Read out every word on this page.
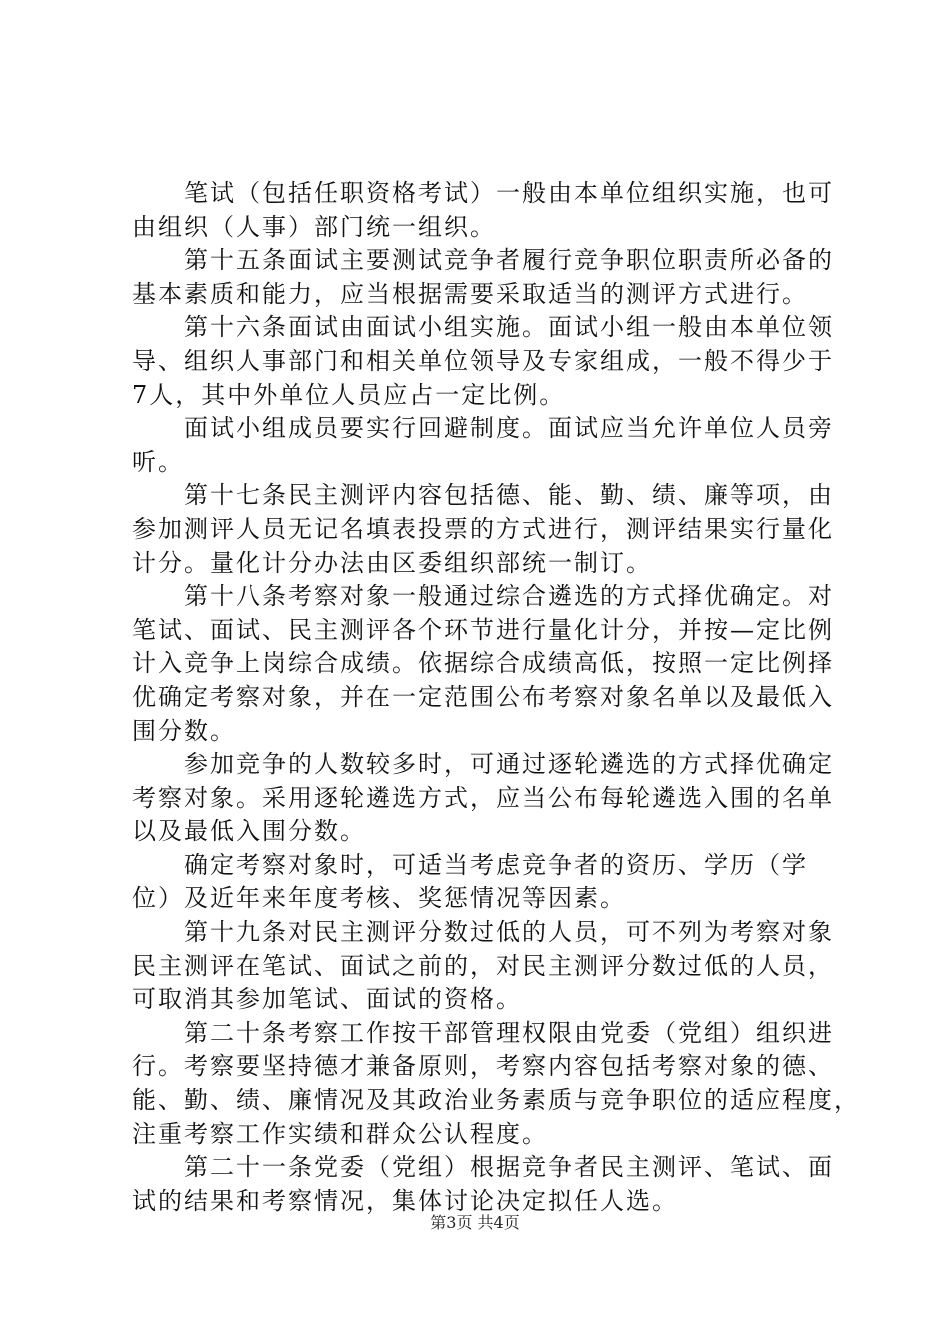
　　笔试（包括任职资格考试）一般由本单位组织实施，也可
由组织（人事）部门统一组织。
　　第十五条面试主要测试竞争者履行竞争职位职责所必备的
基本素质和能力，应当根据需要采取适当的测评方式进行。
　　第十六条面试由面试小组实施。面试小组一般由本单位领
导、组织人事部门和相关单位领导及专家组成，一般不得少于
7人，其中外单位人员应占一定比例。
　　面试小组成员要实行回避制度。面试应当允许单位人员旁
听。
　　第十七条民主测评内容包括德、能、勤、绩、廉等项，由
参加测评人员无记名填表投票的方式进行，测评结果实行量化
计分。量化计分办法由区委组织部统一制订。
　　第十八条考察对象一般通过综合遴选的方式择优确定。对
笔试、面试、民主测评各个环节进行量化计分，并按—定比例
计入竞争上岗综合成绩。依据综合成绩高低，按照一定比例择
优确定考察对象，并在一定范围公布考察对象名单以及最低入
围分数。
　　参加竞争的人数较多时，可通过逐轮遴选的方式择优确定
考察对象。采用逐轮遴选方式，应当公布每轮遴选入围的名单
以及最低入围分数。
　　确定考察对象时，可适当考虑竞争者的资历、学历（学
位）及近年来年度考核、奖惩情况等因素。
　　第十九条对民主测评分数过低的人员，可不列为考察对象
民主测评在笔试、面试之前的，对民主测评分数过低的人员，
可取消其参加笔试、面试的资格。
　　第二十条考察工作按干部管理权限由党委（党组）组织进
行。考察要坚持德才兼备原则，考察内容包括考察对象的德、
能、勤、绩、廉情况及其政治业务素质与竞争职位的适应程度，
注重考察工作实绩和群众公认程度。
　　第二十一条党委（党组）根据竞争者民主测评、笔试、面
试的结果和考察情况，集体讨论决定拟任人选。
第3页 共4页
